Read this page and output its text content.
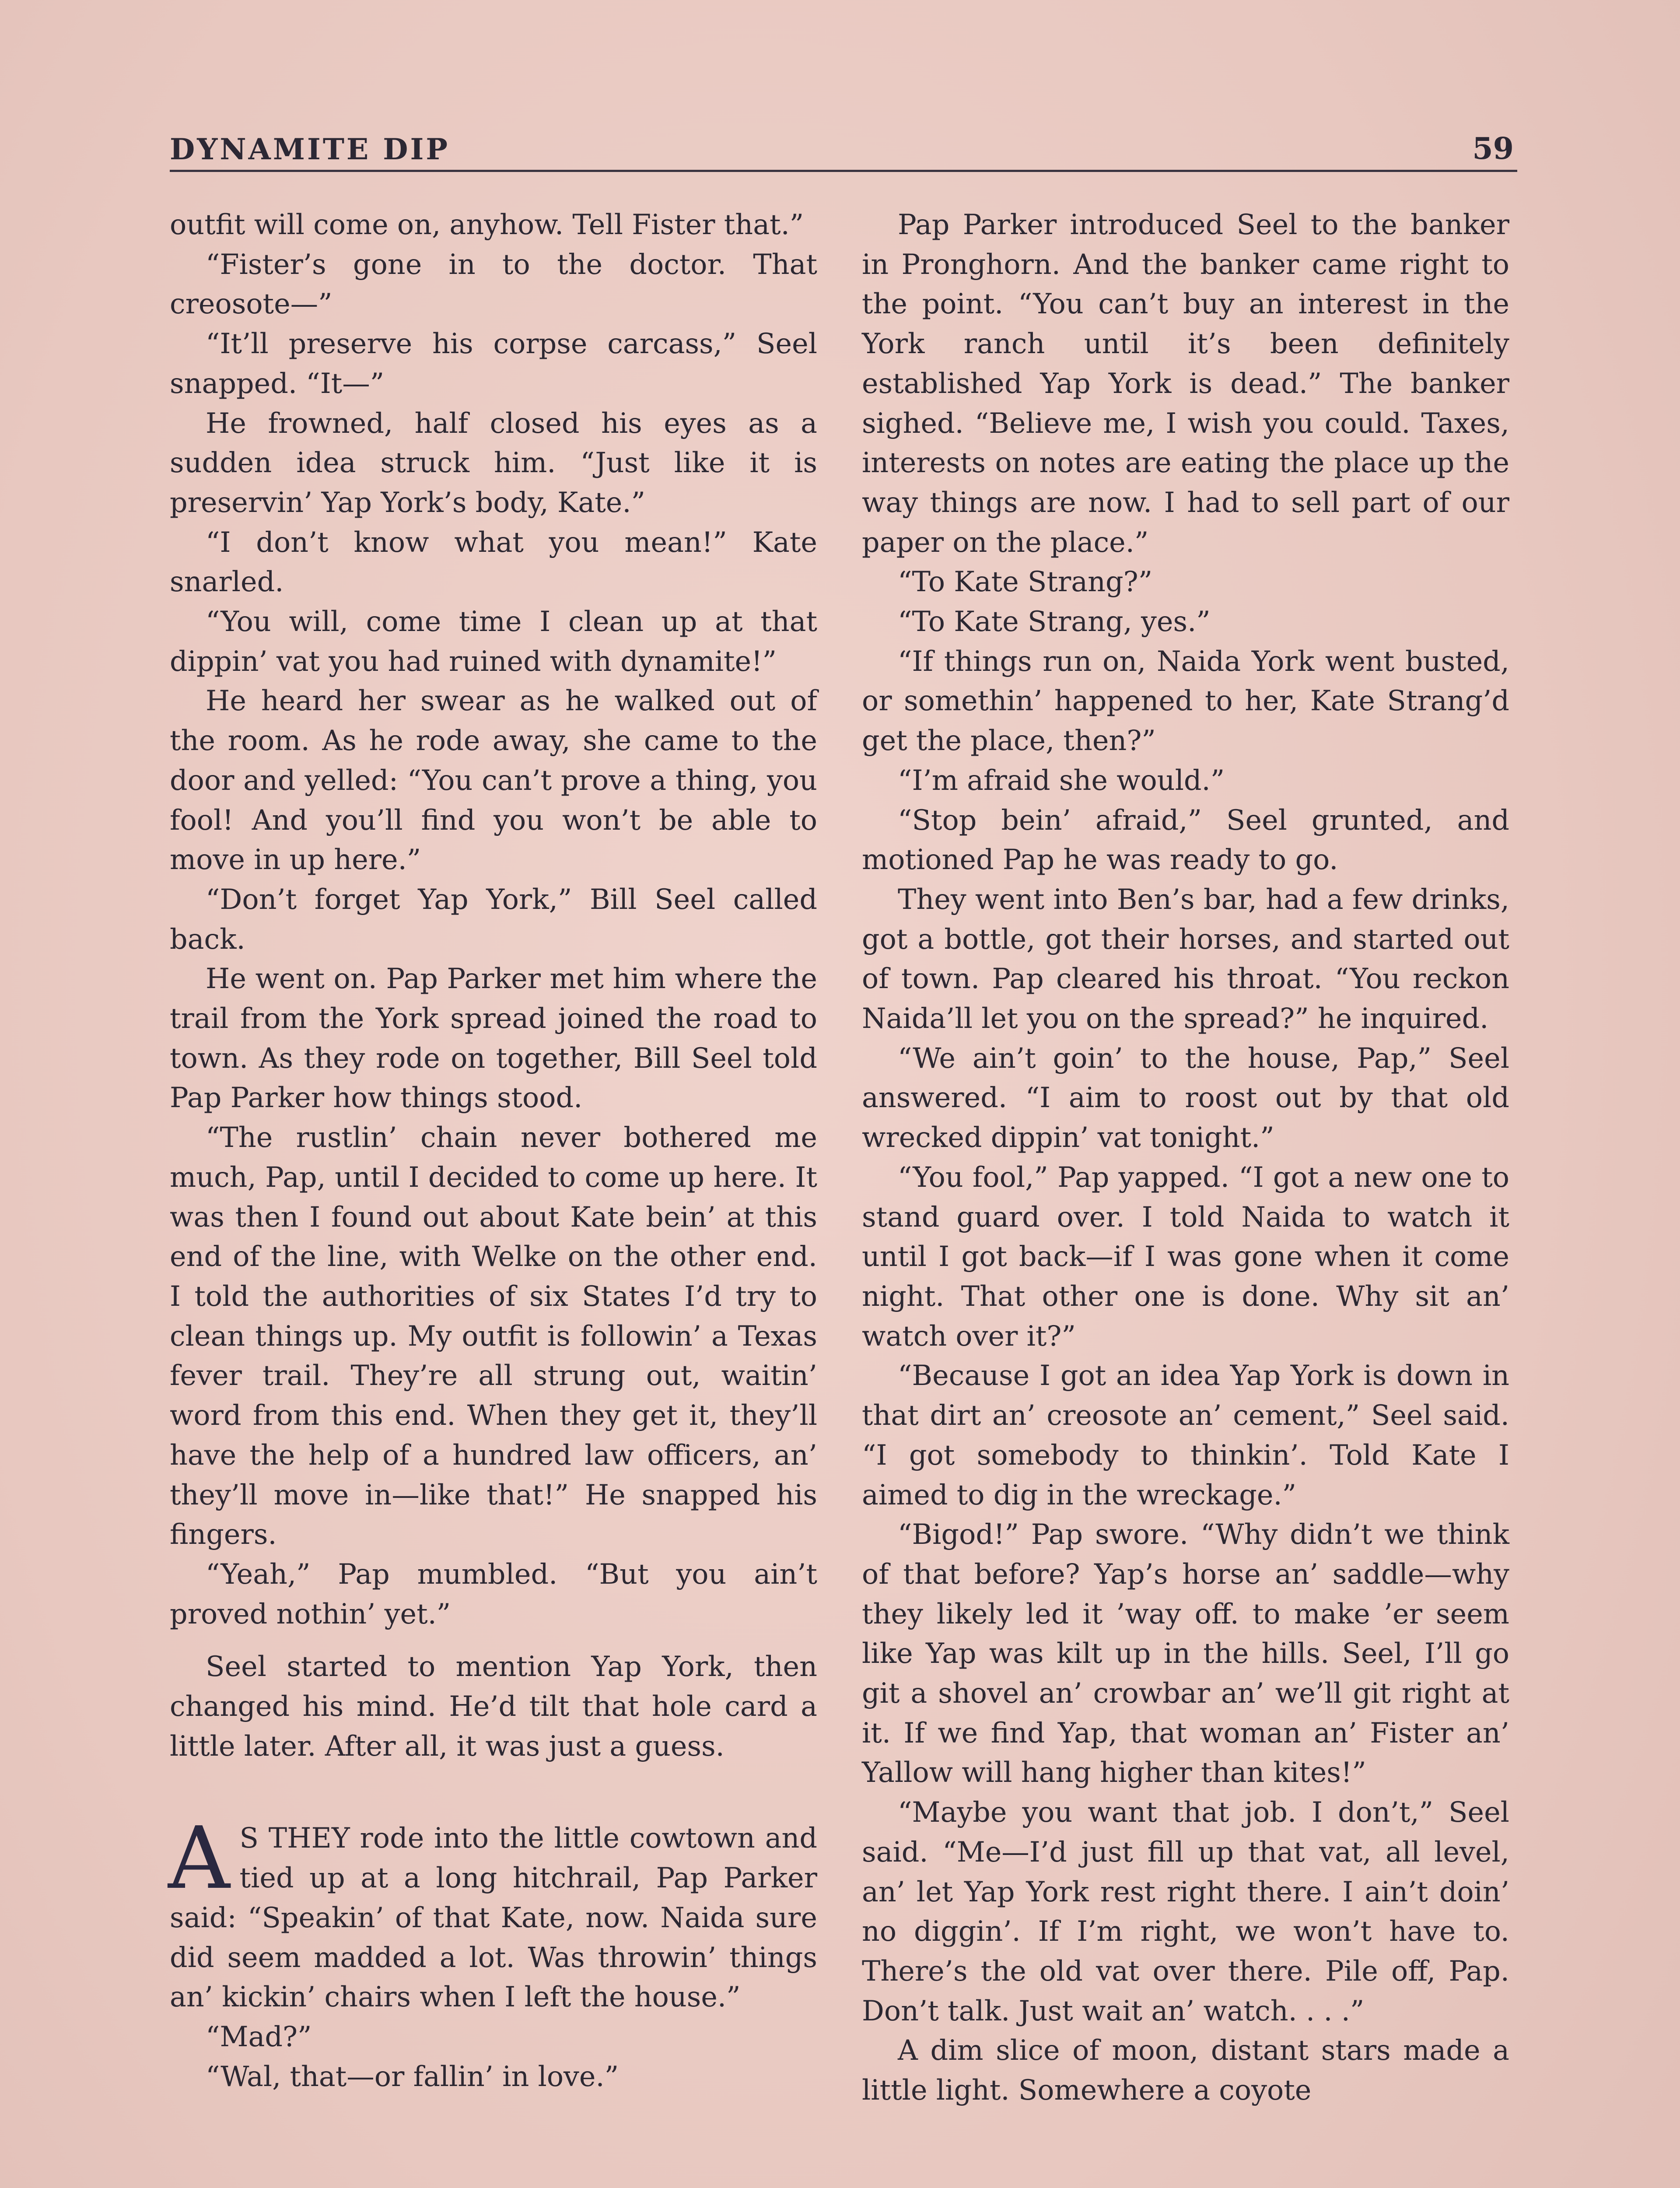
DYNAMITE DIP	59

outfit will come on, anyhow. Tell Fister that.”

“Fister’s gone in to the doctor. That creosote—”

“It’ll preserve his corpse carcass,” Seel snapped. “It—”

He frowned, half closed his eyes as a sudden idea struck him. “Just like it is preservin’ Yap York’s body, Kate.”

“I don’t know what you mean!” Kate snarled.

“You will, come time I clean up at that dippin’ vat you had ruined with dynamite!”

He heard her swear as he walked out of the room. As he rode away, she came to the door and yelled: “You can’t prove a thing, you fool! And you’ll find you won’t be able to move in up here.”

“Don’t forget Yap York,” Bill Seel called back.

He went on. Pap Parker met him where the trail from the York spread joined the road to town. As they rode on together, Bill Seel told Pap Parker how things stood.

“The rustlin’ chain never bothered me much, Pap, until I decided to come up here. It was then I found out about Kate bein’ at this end of the line, with Welke on the other end. I told the authorities of six States I’d try to clean things up. My outfit is followin’ a Texas fever trail. They’re all strung out, waitin’ word from this end. When they get it, they’ll have the help of a hundred law officers, an’ they’ll move in—like that!” He snapped his fingers.

“Yeah,” Pap mumbled. “But you ain’t proved nothin’ yet.”

Seel started to mention Yap York, then changed his mind. He’d tilt that hole card a little later. After all, it was just a guess.

A S THEY rode into the little cowtown and tied up at a long hitchrail, Pap Parker said: “Speakin’ of that Kate, now. Naida sure did seem madded a lot. Was throwin’ things an’ kickin’ chairs when I left the house.”

“Mad?”

“Wal, that—or fallin’ in love.”

Pap Parker introduced Seel to the banker in Pronghorn. And the banker came right to the point. “You can’t buy an interest in the York ranch until it’s been definitely established Yap York is dead.” The banker sighed. “Believe me, I wish you could. Taxes, interests on notes are eating the place up the way things are now. I had to sell part of our paper on the place.”

“To Kate Strang?”

“To Kate Strang, yes.”

“If things run on, Naida York went busted, or somethin’ happened to her, Kate Strang’d get the place, then?”

“I’m afraid she would.”

“Stop bein’ afraid,” Seel grunted, and motioned Pap he was ready to go.

They went into Ben’s bar, had a few drinks, got a bottle, got their horses, and started out of town. Pap cleared his throat. “You reckon Naida’ll let you on the spread?” he inquired.

“We ain’t goin’ to the house, Pap,” Seel answered. “I aim to roost out by that old wrecked dippin’ vat tonight.”

“You fool,” Pap yapped. “I got a new one to stand guard over. I told Naida to watch it until I got back—if I was gone when it come night. That other one is done. Why sit an’ watch over it?”

“Because I got an idea Yap York is down in that dirt an’ creosote an’ cement,” Seel said. “I got somebody to thinkin’. Told Kate I aimed to dig in the wreckage.”

“Bigod!” Pap swore. “Why didn’t we think of that before? Yap’s horse an’ saddle—why they likely led it ’way off. to make ’er seem like Yap was kilt up in the hills. Seel, I’ll go git a shovel an’ crowbar an’ we’ll git right at it. If we find Yap, that woman an’ Fister an’ Yallow will hang higher than kites!”

“Maybe you want that job. I don’t,” Seel said. “Me—I’d just fill up that vat, all level, an’ let Yap York rest right there. I ain’t doin’ no diggin’. If I’m right, we won’t have to. There’s the old vat over there. Pile off, Pap. Don’t talk. Just wait an’ watch. . . .”

A dim slice of moon, distant stars made a little light. Somewhere a coyote
